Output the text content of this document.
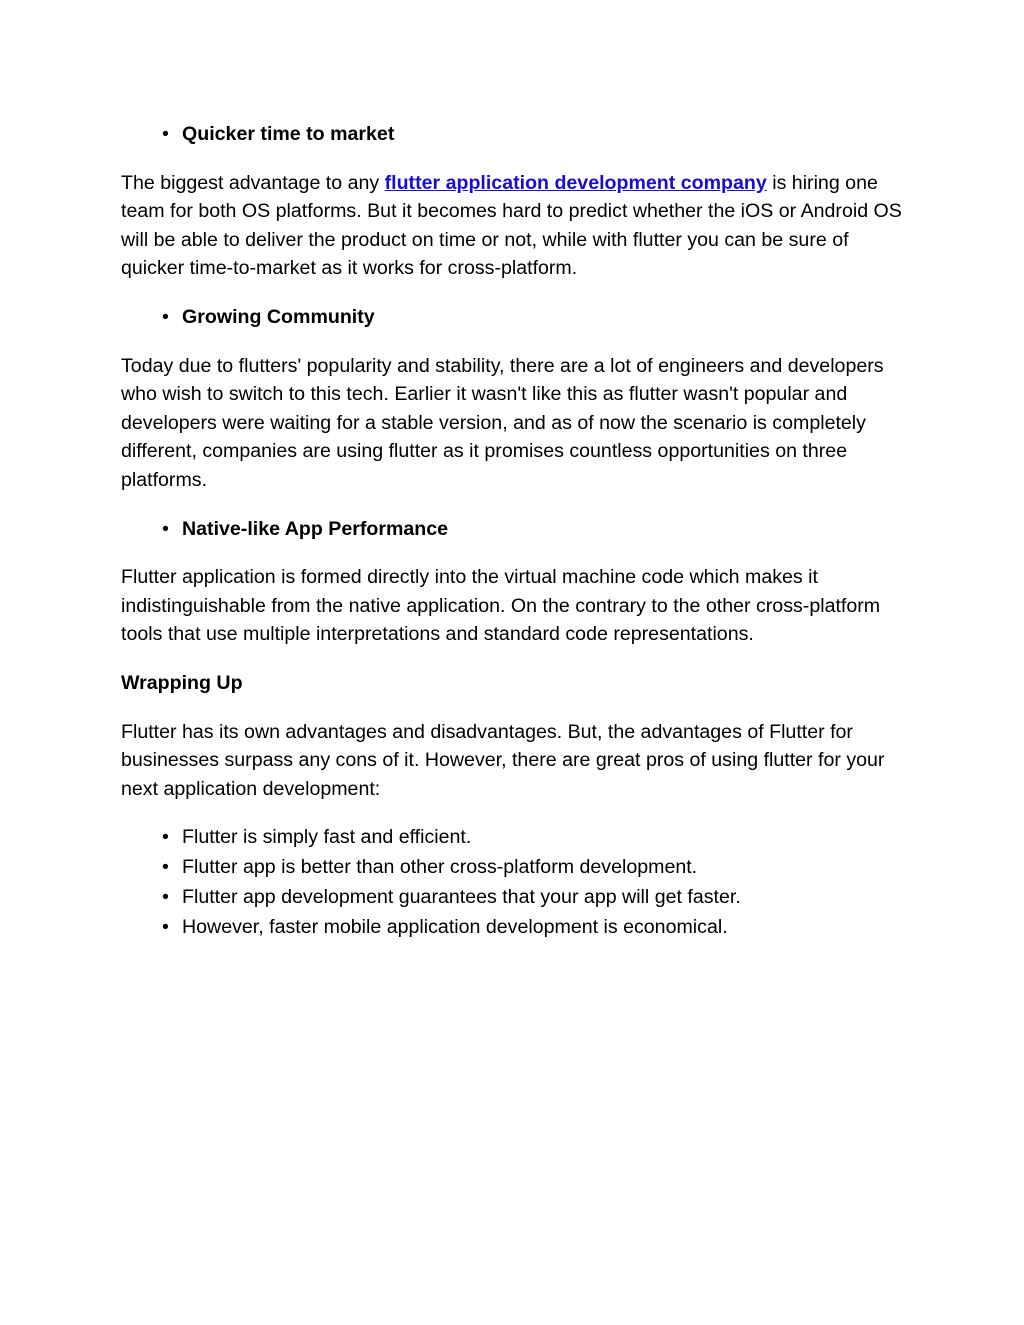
• Quicker time to market

The biggest advantage to any flutter application development company is hiring one team for both OS platforms. But it becomes hard to predict whether the iOS or Android OS will be able to deliver the product on time or not, while with flutter you can be sure of quicker time-to-market as it works for cross-platform.

• Growing Community

Today due to flutters' popularity and stability, there are a lot of engineers and developers who wish to switch to this tech. Earlier it wasn't like this as flutter wasn't popular and developers were waiting for a stable version, and as of now the scenario is completely different, companies are using flutter as it promises countless opportunities on three platforms.

• Native-like App Performance

Flutter application is formed directly into the virtual machine code which makes it indistinguishable from the native application. On the contrary to the other cross-platform tools that use multiple interpretations and standard code representations.

Wrapping Up

Flutter has its own advantages and disadvantages. But, the advantages of Flutter for businesses surpass any cons of it. However, there are great pros of using flutter for your next application development:

• Flutter is simply fast and efficient.
• Flutter app is better than other cross-platform development.
• Flutter app development guarantees that your app will get faster.
• However, faster mobile application development is economical.
